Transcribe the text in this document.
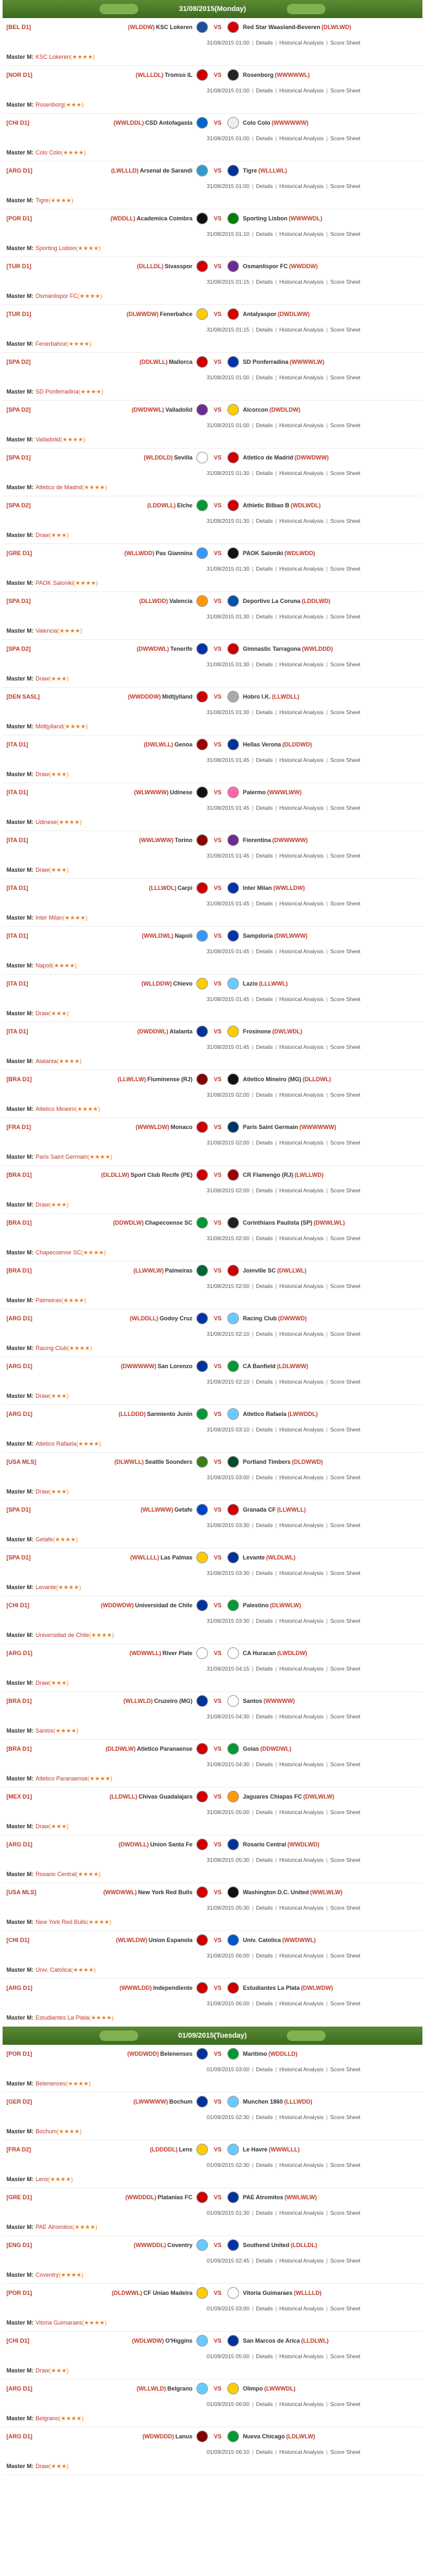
31/08/2015(Monday)
[BEL D1]	(WLDDW) KSC Lokeren	VS	Red Star Waasland-Beveren (DLWLWD)
31/08/2015 01:00 | Details | Historical Analysis | Score Sheet
Master M: KSC Lokeren (★★★★)
[NOR D1]	(WLLLDL) Tromso IL	VS	Rosenborg (WWWWWL)
31/08/2015 01:00 | Details | Historical Analysis | Score Sheet
Master M: Rosenborg (★★★)
[CHI D1]	(WWLDDL) CSD Antofagasta	VS	Colo Colo (WWWWWW)
31/08/2015 01:00 | Details | Historical Analysis | Score Sheet
Master M: Colo Colo (★★★★)
[ARG D1]	(LWLLLD) Arsenal de Sarandi	VS	Tigre (WLLLWL)
31/08/2015 01:00 | Details | Historical Analysis | Score Sheet
Master M: Tigre (★★★★)
[POR D1]	(WDDLL) Academica Coimbra	VS	Sporting Lisbon (WWWWDL)
31/08/2015 01:10 | Details | Historical Analysis | Score Sheet
Master M: Sporting Lisbon (★★★★)
[TUR D1]	(DLLLDL) Sivasspor	VS	Osmanlispor FC (WWDDW)
31/08/2015 01:15 | Details | Historical Analysis | Score Sheet
Master M: Osmanlispor FC (★★★★)
[TUR D1]	(DLWWDW) Fenerbahce	VS	Antalyaspor (DWDLWW)
31/08/2015 01:15 | Details | Historical Analysis | Score Sheet
Master M: Fenerbahce (★★★★)
[SPA D2]	(DDLWLL) Mallorca	VS	SD Ponferradina (WWWWLW)
31/08/2015 01:00 | Details | Historical Analysis | Score Sheet
Master M: SD Ponferradina (★★★★)
[SPA D2]	(DWDWWL) Valladolid	VS	Alcorcon (DWDLDW)
31/08/2015 01:00 | Details | Historical Analysis | Score Sheet
Master M: Valladolid (★★★★)
[SPA D1]	(WLDDLD) Sevilla	VS	Atletico de Madrid (DWWDWW)
31/08/2015 01:30 | Details | Historical Analysis | Score Sheet
Master M: Atletico de Madrid (★★★★)
[SPA D2]	(LDDWLL) Elche	VS	Athletic Bilbao B (WDLWDL)
31/08/2015 01:30 | Details | Historical Analysis | Score Sheet
Master M: Draw (★★★)
[GRE D1]	(WLLWDD) Pas Giannina	VS	PAOK Saloniki (WDLWDD)
31/08/2015 01:30 | Details | Historical Analysis | Score Sheet
Master M: PAOK Saloniki (★★★★)
[SPA D1]	(DLLWDD) Valencia	VS	Deportivo La Coruna (LDDLWD)
31/08/2015 01:30 | Details | Historical Analysis | Score Sheet
Master M: Valencia (★★★★)
[SPA D2]	(DWWDWL) Tenerife	VS	Gimnastic Tarragona (WWLDDD)
31/08/2015 01:30 | Details | Historical Analysis | Score Sheet
Master M: Draw (★★★)
[DEN SASL]	(WWDDDW) Midtjylland	VS	Hobro I.K. (LLWDLL)
31/08/2015 01:30 | Details | Historical Analysis | Score Sheet
Master M: Midtjylland (★★★★)
[ITA D1]	(DWLWLL) Genoa	VS	Hellas Verona (DLDDWD)
31/08/2015 01:45 | Details | Historical Analysis | Score Sheet
Master M: Draw (★★★)
[ITA D1]	(WLWWWW) Udinese	VS	Palermo (WWWLWW)
31/08/2015 01:45 | Details | Historical Analysis | Score Sheet
Master M: Udinese (★★★★)
[ITA D1]	(WWLWWW) Torino	VS	Fiorentina (DWWWWW)
31/08/2015 01:45 | Details | Historical Analysis | Score Sheet
Master M: Draw (★★★)
[ITA D1]	(LLLWDL) Carpi	VS	Inter Milan (WWLLDW)
31/08/2015 01:45 | Details | Historical Analysis | Score Sheet
Master M: Inter Milan (★★★★)
[ITA D1]	(WWLDWL) Napoli	VS	Sampdoria (DWLWWW)
31/08/2015 01:45 | Details | Historical Analysis | Score Sheet
Master M: Napoli (★★★★)
[ITA D1]	(WLLDDW) Chievo	VS	Lazio (LLLWWL)
31/08/2015 01:45 | Details | Historical Analysis | Score Sheet
Master M: Draw (★★★)
[ITA D1]	(DWDDWL) Atalanta	VS	Frosinone (DWLWDL)
31/08/2015 01:45 | Details | Historical Analysis | Score Sheet
Master M: Atalanta (★★★★)
[BRA D1]	(LLWLLW) Fluminense (RJ)	VS	Atletico Mineiro (MG) (DLLDWL)
31/08/2015 02:00 | Details | Historical Analysis | Score Sheet
Master M: Atletico Mineiro (★★★★)
[FRA D1]	(WWWLDW) Monaco	VS	Paris Saint Germain (WWWWWW)
31/08/2015 02:00 | Details | Historical Analysis | Score Sheet
Master M: Paris Saint Germain (★★★★)
[BRA D1]	(DLDLLW) Sport Club Recife (PE)	VS	CR Flamengo (RJ) (LWLLWD)
31/08/2015 02:00 | Details | Historical Analysis | Score Sheet
Master M: Draw (★★★)
[BRA D1]	(DDWDLW) Chapecoense SC	VS	Corinthians Paulista (SP) (DWWLWL)
31/08/2015 02:00 | Details | Historical Analysis | Score Sheet
Master M: Chapecoense SC (★★★★)
[BRA D1]	(LLWWLW) Palmeiras	VS	Joinville SC (DWLLWL)
31/08/2015 02:00 | Details | Historical Analysis | Score Sheet
Master M: Palmeiras (★★★★)
[ARG D1]	(WLDDLL) Godoy Cruz	VS	Racing Club (DWWWD)
31/08/2015 02:10 | Details | Historical Analysis | Score Sheet
Master M: Racing Club (★★★★)
[ARG D1]	(DWWWWW) San Lorenzo	VS	CA Banfield (LDLWWW)
31/08/2015 02:10 | Details | Historical Analysis | Score Sheet
Master M: Draw (★★★)
[ARG D1]	(LLLDDD) Sarmiento Junin	VS	Atletico Rafaela (LWWDDL)
31/08/2015 03:10 | Details | Historical Analysis | Score Sheet
Master M: Atletico Rafaela (★★★★)
[USA MLS]	(DLWWLL) Seattle Sounders	VS	Portland Timbers (DLDWWD)
31/08/2015 03:00 | Details | Historical Analysis | Score Sheet
Master M: Draw (★★★)
[SPA D1]	(WLLWWW) Getafe	VS	Granada CF (LLWWLL)
31/08/2015 03:30 | Details | Historical Analysis | Score Sheet
Master M: Getafe (★★★★)
[SPA D1]	(WWLLLL) Las Palmas	VS	Levante (WLDLWL)
31/08/2015 03:30 | Details | Historical Analysis | Score Sheet
Master M: Levante (★★★★)
[CHI D1]	(WDDWDW) Universidad de Chile	VS	Palestino (DLWWLW)
31/08/2015 03:30 | Details | Historical Analysis | Score Sheet
Master M: Universidad de Chile (★★★★)
[ARG D1]	(WDWWLL) River Plate	VS	CA Huracan (LWDLDW)
31/08/2015 04:15 | Details | Historical Analysis | Score Sheet
Master M: Draw (★★★)
[BRA D1]	(WLLWLD) Cruzeiro (MG)	VS	Santos (WWWWW)
31/08/2015 04:30 | Details | Historical Analysis | Score Sheet
Master M: Santos (★★★★)
[BRA D1]	(DLDWLW) Atletico Paranaense	VS	Goias (DDWDWL)
31/08/2015 04:30 | Details | Historical Analysis | Score Sheet
Master M: Atletico Paranaense (★★★★)
[MEX D1]	(LLDWLL) Chivas Guadalajara	VS	Jaguares Chiapas FC (DWLWLW)
31/08/2015 05:00 | Details | Historical Analysis | Score Sheet
Master M: Draw (★★★)
[ARG D1]	(DWDWLL) Union Santa Fe	VS	Rosario Central (WWDLWD)
31/08/2015 05:30 | Details | Historical Analysis | Score Sheet
Master M: Rosario Central (★★★★)
[USA MLS]	(WWDWWL) New York Red Bulls	VS	Washington D.C. United (WWLWLW)
31/08/2015 05:30 | Details | Historical Analysis | Score Sheet
Master M: New York Red Bulls (★★★★)
[CHI D1]	(WLWLDW) Union Espanola	VS	Univ. Catolica (WWDWWL)
31/08/2015 06:00 | Details | Historical Analysis | Score Sheet
Master M: Univ. Catolica (★★★★)
[ARG D1]	(WWWLDD) Independiente	VS	Estudiantes La Plata (DWLWDW)
31/08/2015 06:00 | Details | Historical Analysis | Score Sheet
Master M: Estudiantes La Plata (★★★★)
01/09/2015(Tuesday)
[POR D1]	(WDDWDD) Belenenses	VS	Maritimo (WDDLLD)
01/09/2015 03:00 | Details | Historical Analysis | Score Sheet
Master M: Belenenses (★★★★)
[GER D2]	(LWWWWW) Bochum	VS	Munchen 1860 (LLLWDD)
01/09/2015 02:30 | Details | Historical Analysis | Score Sheet
Master M: Bochum (★★★★)
[FRA D2]	(LDDDDL) Lens	VS	Le Havre (WWWLLL)
01/09/2015 02:30 | Details | Historical Analysis | Score Sheet
Master M: Lens (★★★★)
[GRE D1]	(WWDDDL) Platanias FC	VS	PAE Atromitos (WWLWLW)
01/09/2015 01:30 | Details | Historical Analysis | Score Sheet
Master M: PAE Atromitos (★★★★)
[ENG D1]	(WWWDDL) Coventry	VS	Southend United (LDLLDL)
01/09/2015 02:45 | Details | Historical Analysis | Score Sheet
Master M: Coventry (★★★★)
[POR D1]	(DLDWWL) CF Uniao Madeira	VS	Vitoria Guimaraes (WLLLLD)
01/09/2015 03:00 | Details | Historical Analysis | Score Sheet
Master M: Vitoria Guimaraes (★★★★)
[CHI D1]	(WDLWDW) O'Higgins	VS	San Marcos de Arica (LLDLWL)
01/09/2015 05:00 | Details | Historical Analysis | Score Sheet
Master M: Draw (★★★)
[ARG D1]	(WLLWLD) Belgrano	VS	Olimpo (LWWWDL)
01/09/2015 06:00 | Details | Historical Analysis | Score Sheet
Master M: Belgrano (★★★★)
[ARG D1]	(WDWDDD) Lanus	VS	Nueva Chicago (LDLWLW)
01/09/2015 06:10 | Details | Historical Analysis | Score Sheet
Master M: Draw (★★★)
